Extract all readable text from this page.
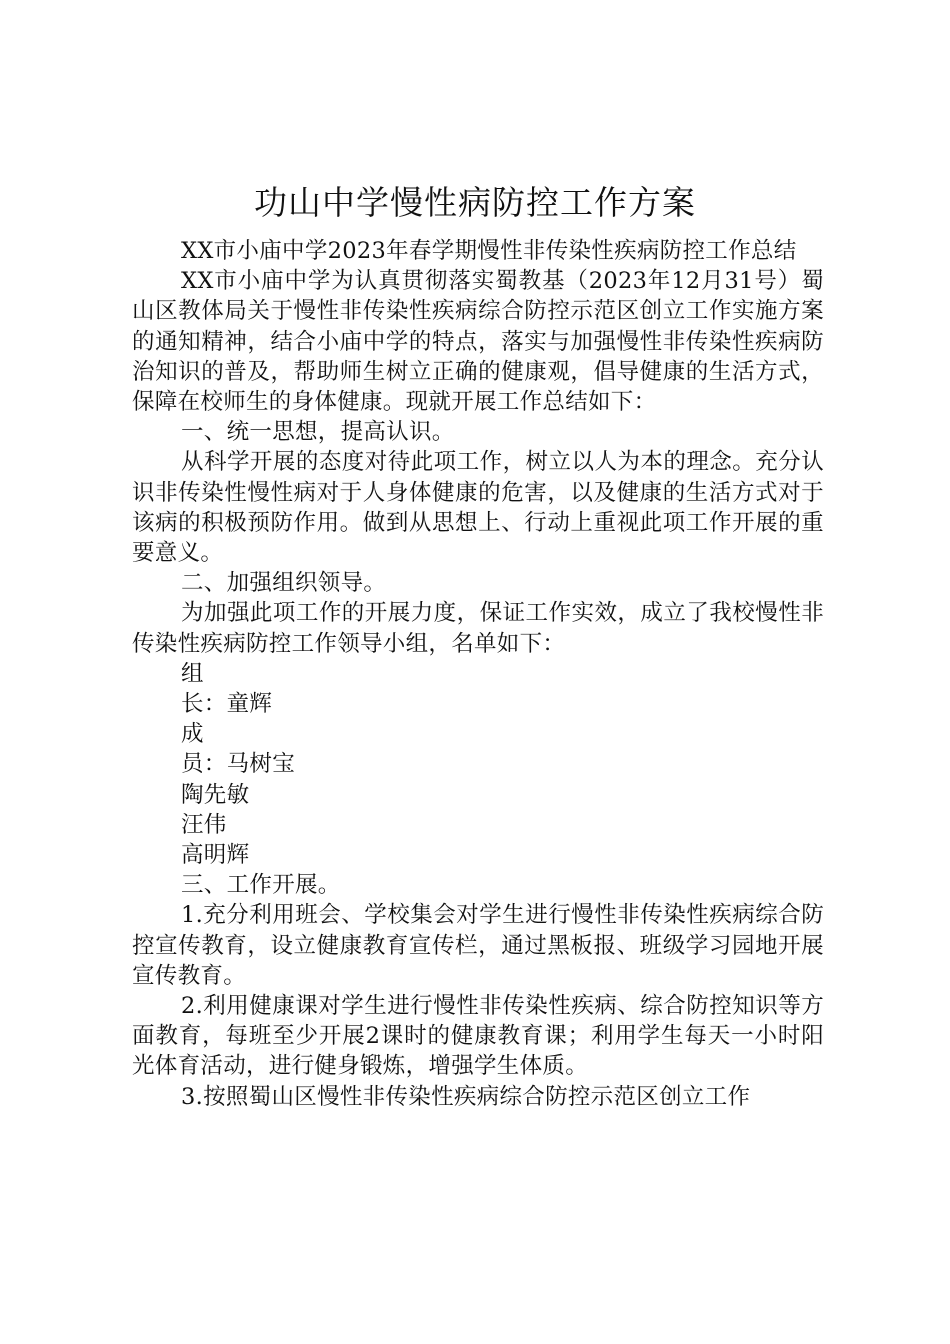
功山中学慢性病防控工作方案

XX市小庙中学2023年春学期慢性非传染性疾病防控工作总结

XX市小庙中学为认真贯彻落实蜀教基（2023年12月31号）蜀山区教体局关于慢性非传染性疾病综合防控示范区创立工作实施方案的通知精神，结合小庙中学的特点，落实与加强慢性非传染性疾病防治知识的普及，帮助师生树立正确的健康观，倡导健康的生活方式，保障在校师生的身体健康。现就开展工作总结如下：

一、统一思想，提高认识。

从科学开展的态度对待此项工作，树立以人为本的理念。充分认识非传染性慢性病对于人身体健康的危害，以及健康的生活方式对于该病的积极预防作用。做到从思想上、行动上重视此项工作开展的重要意义。

二、加强组织领导。

为加强此项工作的开展力度，保证工作实效，成立了我校慢性非传染性疾病防控工作领导小组，名单如下：

组

长：童辉

成

员：马树宝

陶先敏

汪伟

高明辉

三、工作开展。

1.充分利用班会、学校集会对学生进行慢性非传染性疾病综合防控宣传教育，设立健康教育宣传栏，通过黑板报、班级学习园地开展宣传教育。

2.利用健康课对学生进行慢性非传染性疾病、综合防控知识等方面教育，每班至少开展2课时的健康教育课；利用学生每天一小时阳光体育活动，进行健身锻炼，增强学生体质。

3.按照蜀山区慢性非传染性疾病综合防控示范区创立工作
